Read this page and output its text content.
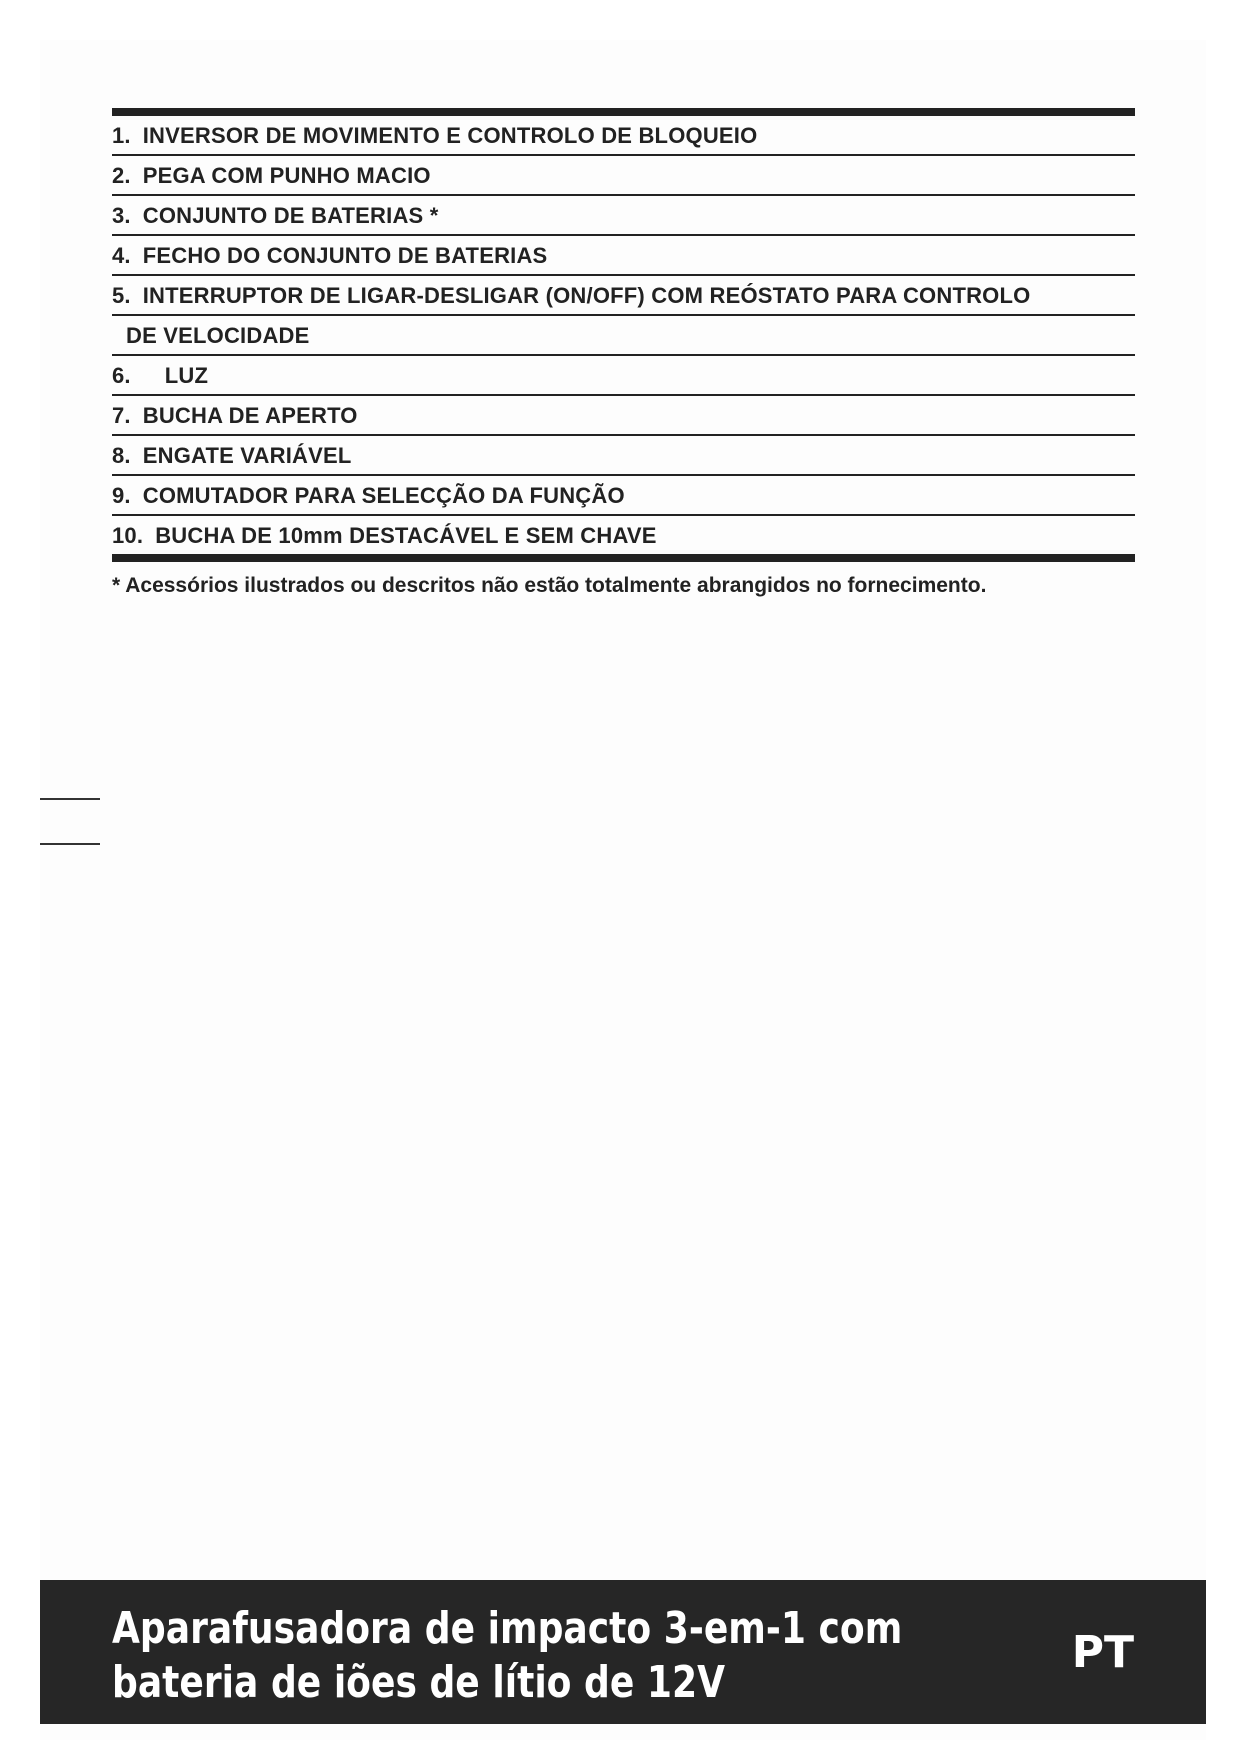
1. INVERSOR DE MOVIMENTO E CONTROLO DE BLOQUEIO
2. PEGA COM PUNHO MACIO
3. CONJUNTO DE BATERIAS *
4. FECHO DO CONJUNTO DE BATERIAS
5. INTERRUPTOR DE LIGAR-DESLIGAR (ON/OFF) COM REÓSTATO PARA CONTROLO
DE VELOCIDADE
6. LUZ
7. BUCHA DE APERTO
8. ENGATE VARIÁVEL
9. COMUTADOR PARA SELECÇÃO DA FUNÇÃO
10. BUCHA DE 10mm DESTACÁVEL E SEM CHAVE
* Acessórios ilustrados ou descritos não estão totalmente abrangidos no fornecimento.
Aparafusadora de impacto 3-em-1 com
bateria de iões de lítio de 12V
PT
